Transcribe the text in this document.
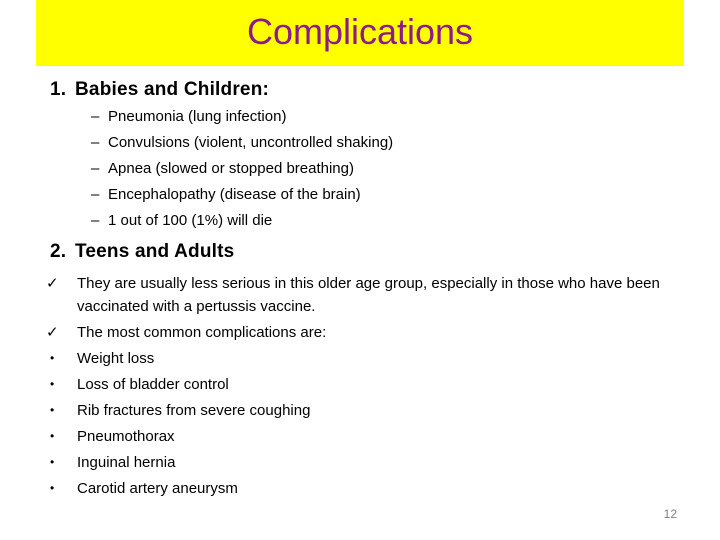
Complications
1. Babies and Children:
– Pneumonia (lung infection)
– Convulsions (violent, uncontrolled shaking)
– Apnea (slowed or stopped breathing)
– Encephalopathy (disease of the brain)
– 1 out of 100 (1%) will die
2. Teens and Adults
✓	They are usually less serious in this older age group, especially in those who have been vaccinated with a pertussis vaccine.
✓	The most common complications are:
•	Weight loss
•	Loss of bladder control
•	Rib fractures from severe coughing
•	Pneumothorax
•	Inguinal hernia
•	Carotid artery aneurysm
12
